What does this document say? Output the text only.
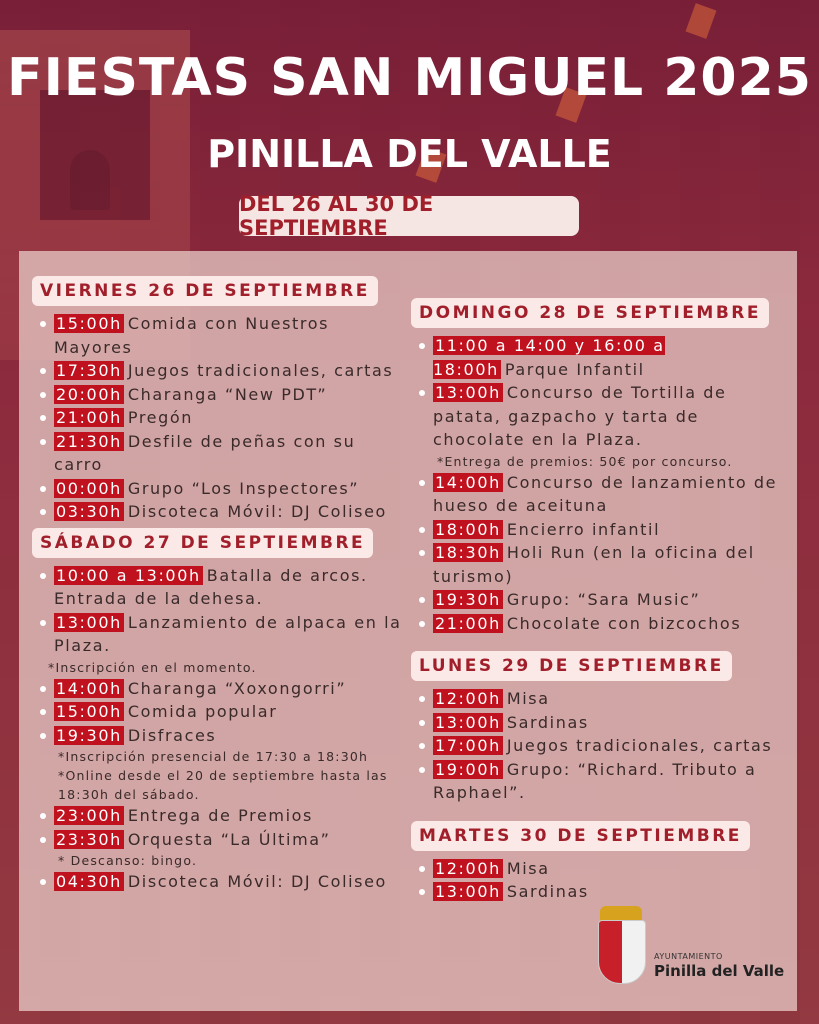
FIESTAS SAN MIGUEL 2025
PINILLA DEL VALLE
DEL 26 AL 30 DE SEPTIEMBRE
VIERNES 26 DE SEPTIEMBRE
15:00h Comida con Nuestros Mayores
17:30h Juegos tradicionales, cartas
20:00h Charanga “New PDT”
21:00h Pregón
21:30h Desfile de peñas con su carro
00:00h Grupo “Los Inspectores”
03:30h Discoteca Móvil: DJ Coliseo
SÁBADO 27 DE SEPTIEMBRE
10:00 a 13:00h Batalla de arcos. Entrada de la dehesa.
13:00h Lanzamiento de alpaca en la Plaza.
*Inscripción en el momento.
14:00h Charanga “Xoxongorri”
15:00h Comida popular
19:30h Disfraces
*Inscripción presencial de 17:30 a 18:30h
*Online desde el 20 de septiembre hasta las 18:30h del sábado.
23:00h Entrega de Premios
23:30h Orquesta “La Última”
* Descanso: bingo.
04:30h Discoteca Móvil: DJ Coliseo
DOMINGO 28 DE SEPTIEMBRE
11:00 a 14:00 y 16:00 a 18:00h Parque Infantil
13:00h Concurso de Tortilla de patata, gazpacho y tarta de chocolate en la Plaza.
*Entrega de premios: 50€ por concurso.
14:00h Concurso de lanzamiento de hueso de aceituna
18:00h Encierro infantil
18:30h Holi Run (en la oficina del turismo)
19:30h Grupo: “Sara Music”
21:00h Chocolate con bizcochos
LUNES 29 DE SEPTIEMBRE
12:00h Misa
13:00h Sardinas
17:00h Juegos tradicionales, cartas
19:00h Grupo: “Richard. Tributo a Raphael”.
MARTES 30 DE SEPTIEMBRE
12:00h Misa
13:00h Sardinas
AYUNTAMIENTO
Pinilla del Valle
